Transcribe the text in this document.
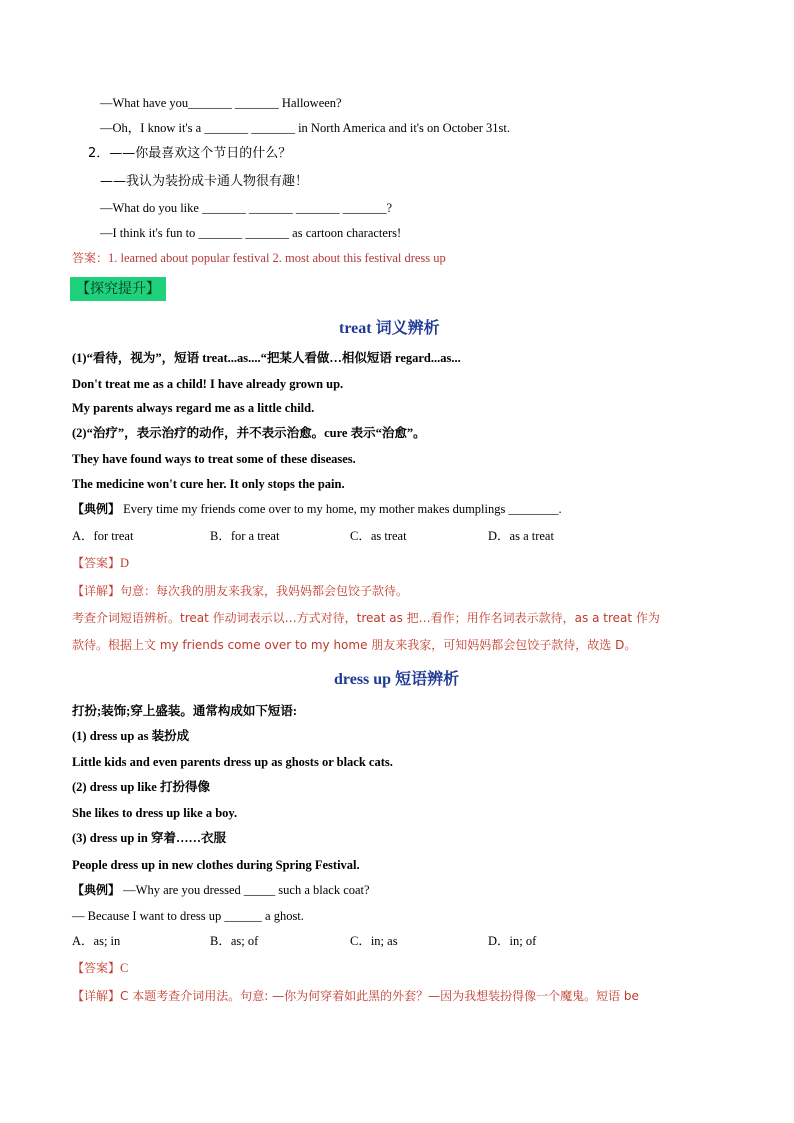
—What have you_______ _______ Halloween?
—Oh，I know it's a _______ _______ in North America and it's on October 31st.
2．——你最喜欢这个节日的什么？
——我认为装扮成卡通人物很有趣！
—What do you like _______ _______ _______ _______?
—I think it's fun to _______ _______ as cartoon characters!
答案：1. learned about popular festival 2. most about this festival dress up
【探究提升】
treat 词义辨析
(1)“看待，视为”，短语 treat...as....“把某人看做…相似短语 regard...as...
Don't treat me as a child! I have already grown up.
My parents always regard me as a little child.
(2)“治疗”，表示治疗的动作，并不表示治愈。cure 表示“治愈”。
They have found ways to treat some of these diseases.
The medicine won't cure her. It only stops the pain.
【典例】 Every time my friends come over to my home, my mother makes dumplings ________.
A．for treat	B．for a treat	C．as treat	D．as a treat
【答案】D
【详解】句意：每次我的朋友来我家，我妈妈都会包饺子款待。
考查介词短语辨析。treat 作动词表示以…方式对待，treat as 把…看作；用作名词表示款待，as a treat 作为
款待。根据上文 my friends come over to my home 朋友来我家，可知妈妈都会包饺子款待，故选 D。
dress up 短语辨析
打扮;装饰;穿上盛装。通常构成如下短语:
(1) dress up as 装扮成
Little kids and even parents dress up as ghosts or black cats.
(2) dress up like 打扮得像
She likes to dress up like a boy.
(3) dress up in 穿着……衣服
People dress up in new clothes during Spring Festival.
【典例】 —Why are you dressed _____ such a black coat?
— Because I want to dress up ______ a ghost.
A．as; in	B．as; of	C．in; as	D．in; of
【答案】C
【详解】C 本题考查介词用法。句意: —你为何穿着如此黑的外套？—因为我想装扮得像一个魔鬼。短语 be
